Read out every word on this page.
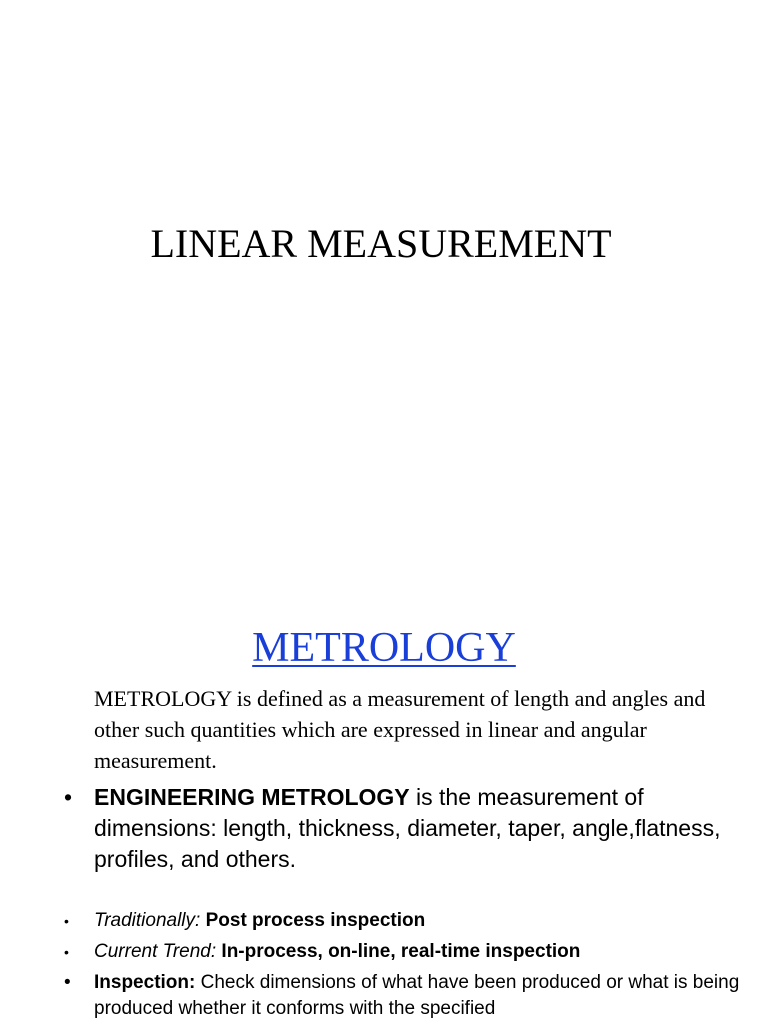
LINEAR MEASUREMENT
METROLOGY

METROLOGY is defined as a measurement of length and angles and other such quantities which are expressed in linear and angular measurement.

• ENGINEERING METROLOGY is the measurement of dimensions: length, thickness, diameter, taper, angle,flatness, profiles, and others.

• Traditionally: Post process inspection

• Current Trend: In-process, on-line, real-time inspection

• Inspection: Check dimensions of what have been produced or what is being produced whether it conforms with the specified
